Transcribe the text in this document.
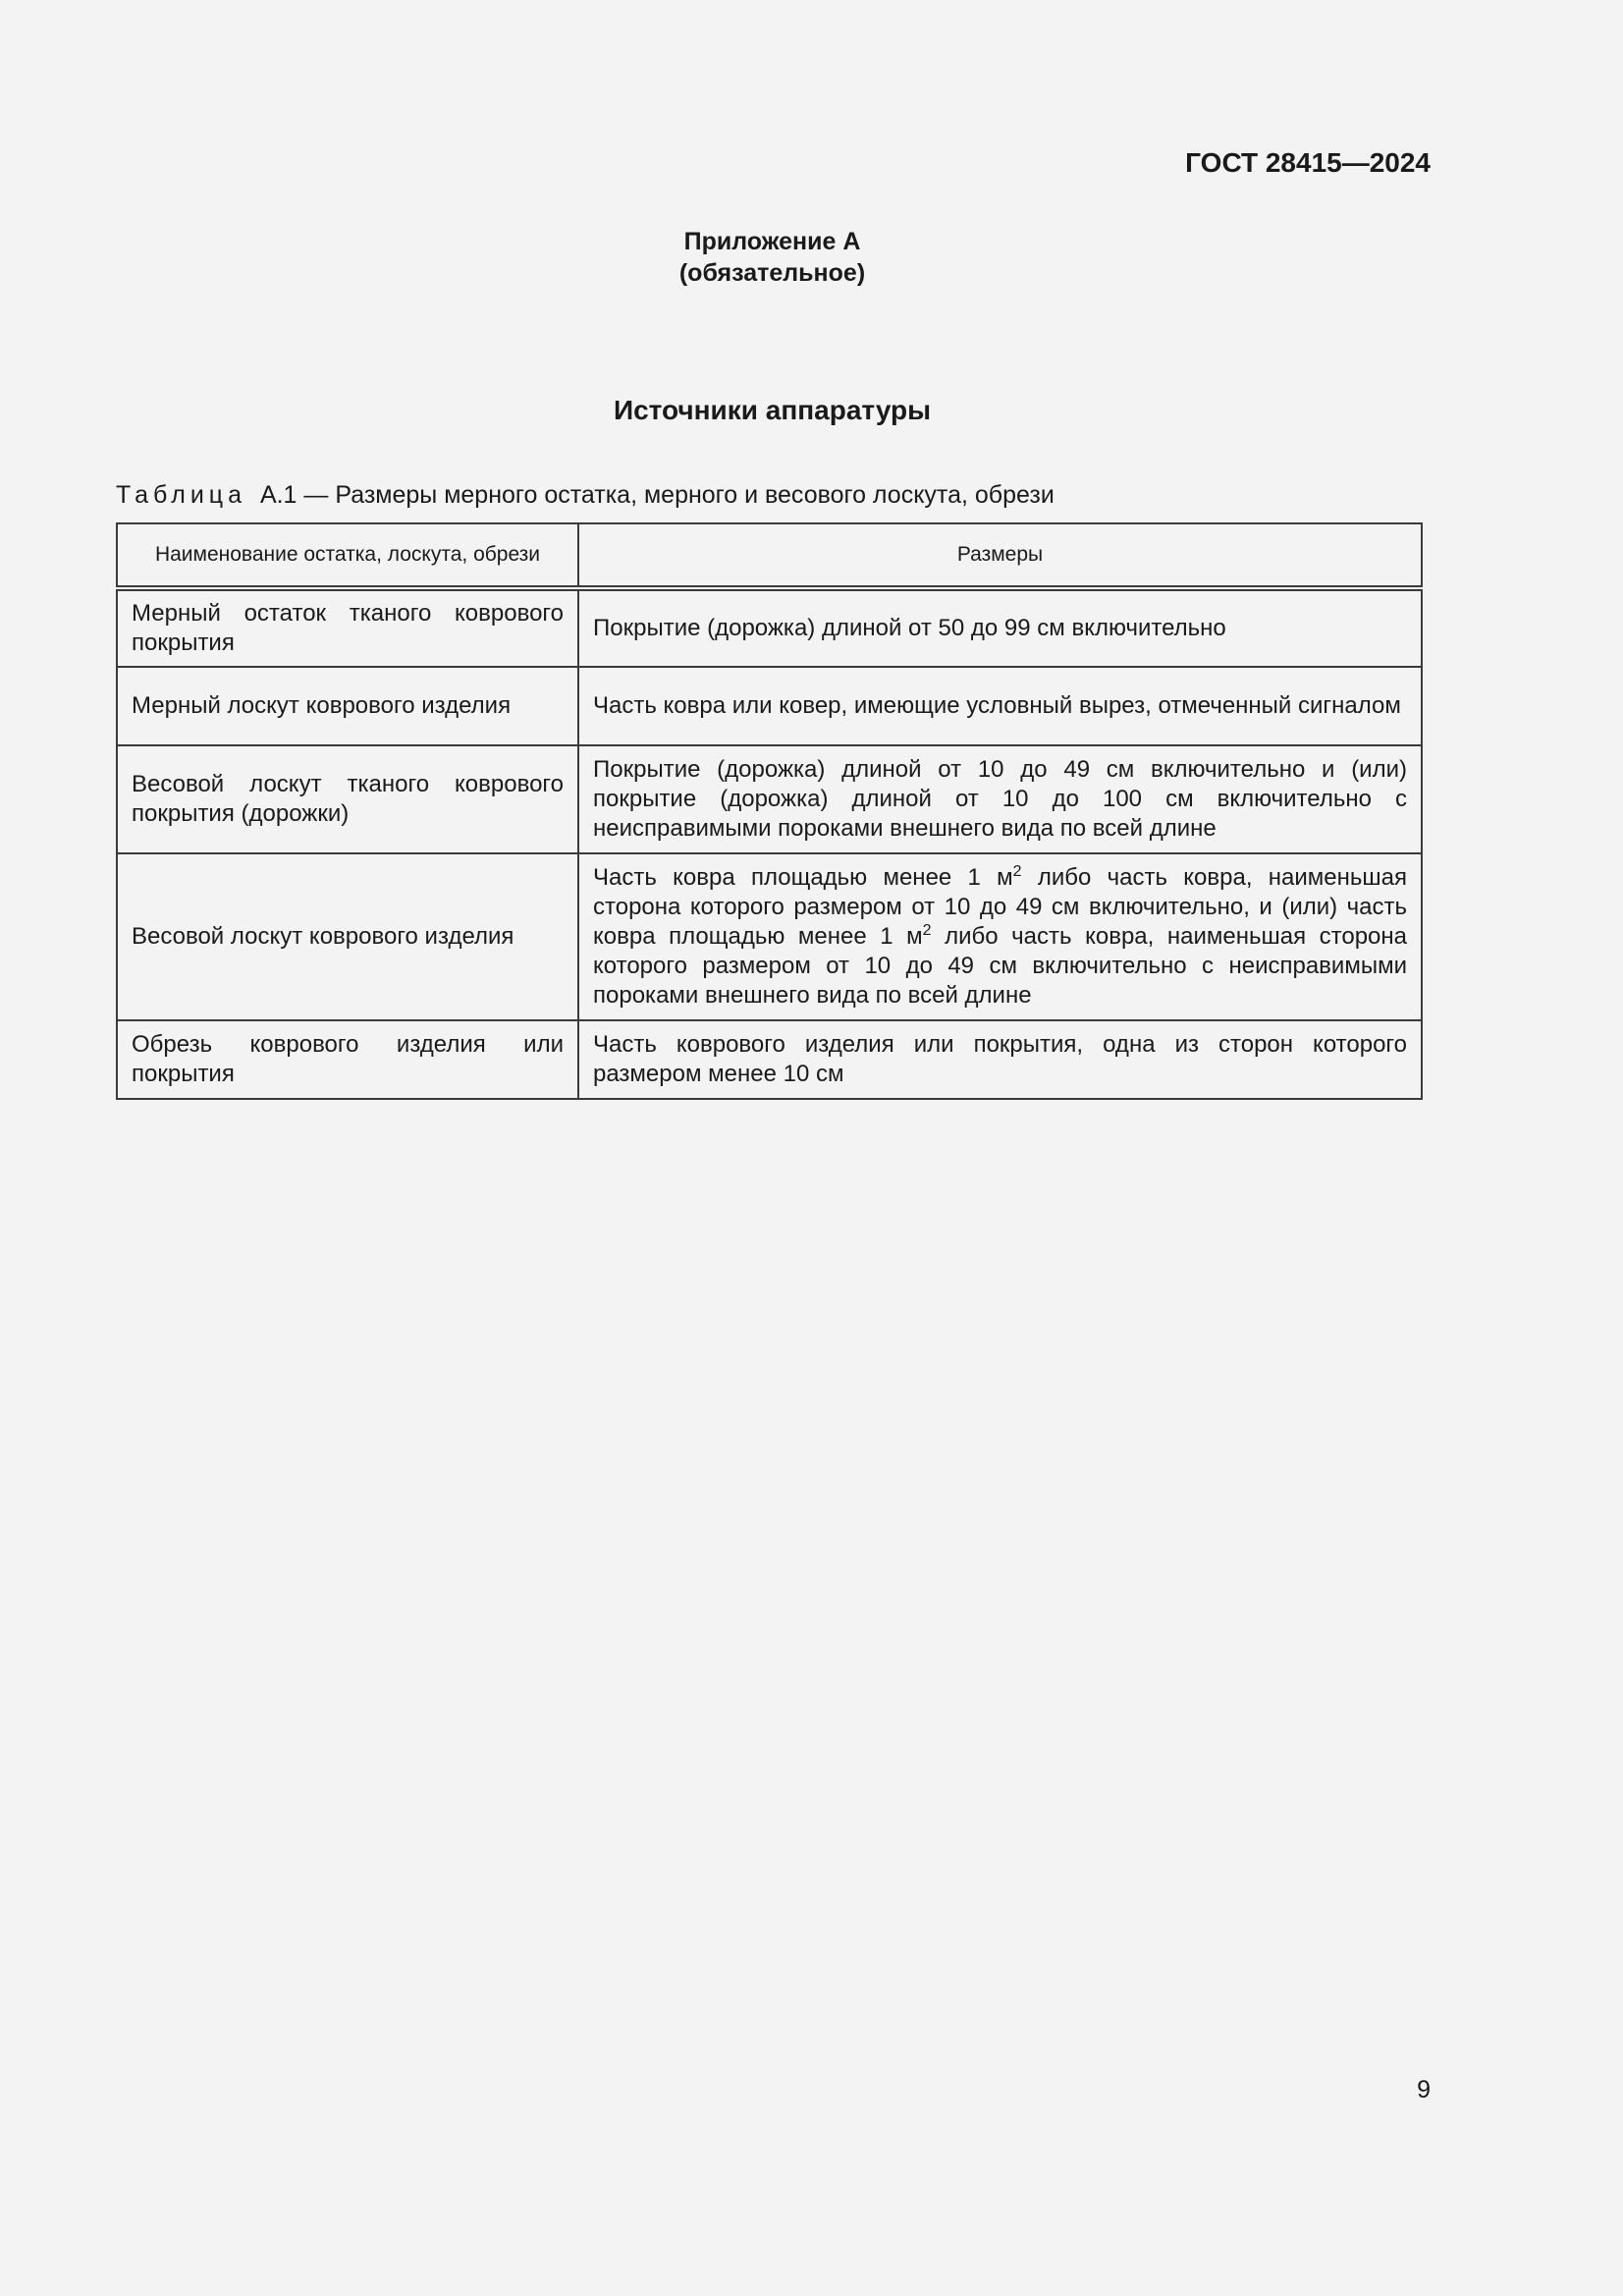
ГОСТ 28415—2024
Приложение А
(обязательное)
Источники аппаратуры
Таблица А.1 — Размеры мерного остатка, мерного и весового лоскута, обрези
Наименование остатка, лоскута, обрези	Размеры
Мерный остаток тканого коврового покрытия	Покрытие (дорожка) длиной от 50 до 99 см включительно
Мерный лоскут коврового изделия	Часть ковра или ковер, имеющие условный вырез, отмеченный сигналом
Весовой лоскут тканого коврового покрытия (дорожки)	Покрытие (дорожка) длиной от 10 до 49 см включительно и (или) покрытие (дорожка) длиной от 10 до 100 см включительно с неисправимыми пороками внешнего вида по всей длине
Весовой лоскут коврового изделия	Часть ковра площадью менее 1 $м^2$ либо часть ковра, наименьшая сторона которого размером от 10 до 49 см включительно, и (или) часть ковра площадью менее 1 $м^2$ либо часть ковра, наименьшая сторона которого размером от 10 до 49 см включительно с неисправимыми пороками внешнего вида по всей длине
Обрезь коврового изделия или покрытия	Часть коврового изделия или покрытия, одна из сторон которого размером менее 10 см
9
